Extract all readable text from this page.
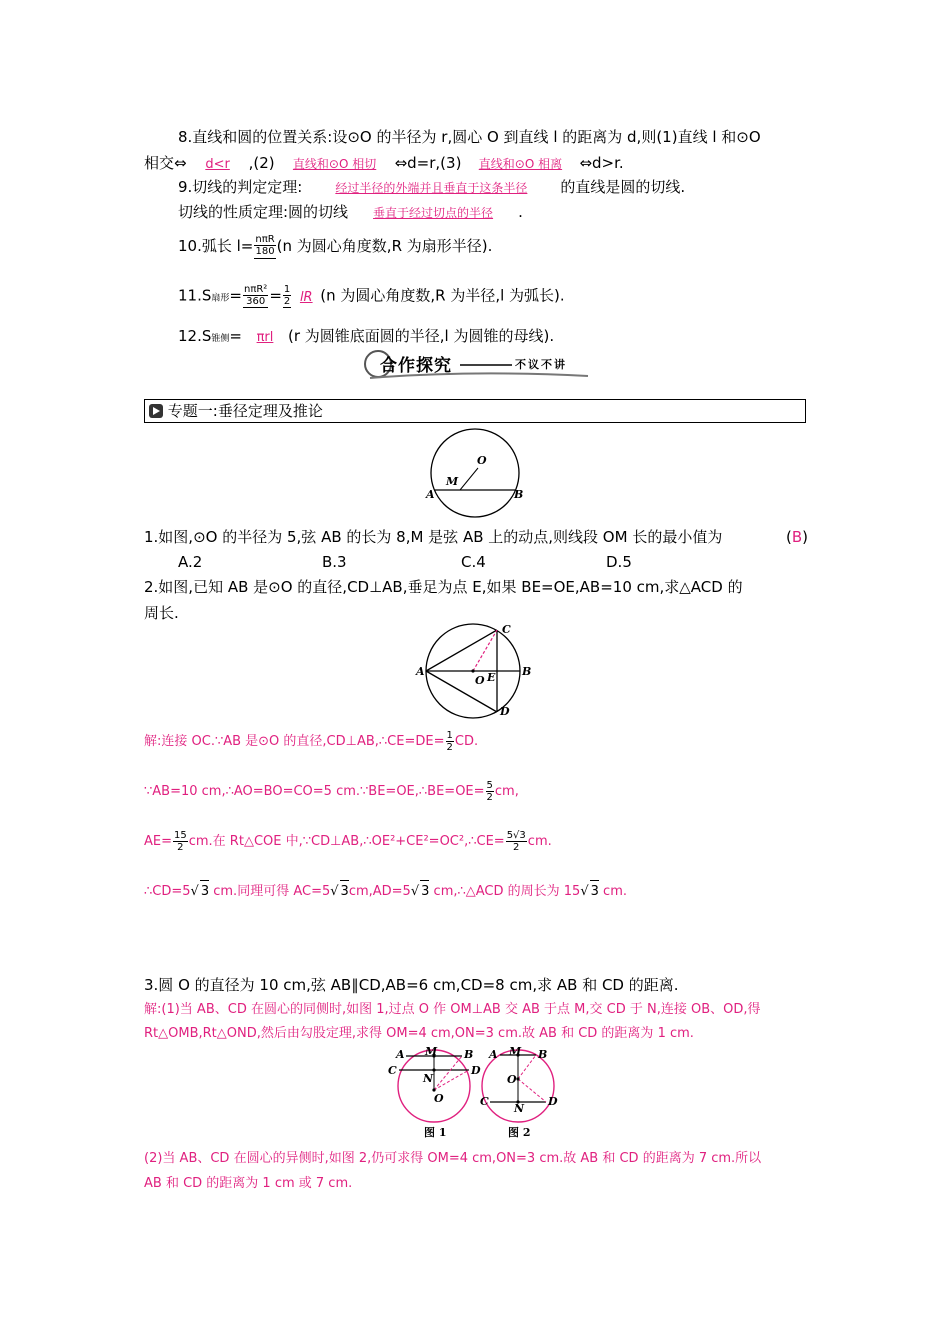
8.直线和圆的位置关系:设⊙O 的半径为 r,圆心 O 到直线 l 的距离为 d,则(1)直线 l 和⊙O
相交⇔ d<r ,(2) 直线和⊙O 相切 ⇔d=r,(3) 直线和⊙O 相离 ⇔d>r.
9.切线的判定定理:	经过半径的外端并且垂直于这条半径 的直线是圆的切线.
切线的性质定理:圆的切线 垂直于经过切点的半径 .
10.弧长 $l= \frac{\text{nπR}}{180} (n$ 为圆心角度数,R 为扇形半径).
11.S扇形= $\frac{\text{nπR²}}{360} = \frac{1}{2}$ lR (n 为圆心角度数,R 为半径,l 为弧长).
12.S锥侧= πrl (r 为圆锥底面圆的半径,l 为圆锥的母线).
合作探究	不议不讲
专题一:垂径定理及推论
O
M
A	B
1.如图,⊙O 的半径为 5,弦 AB 的长为 8,M 是弦 AB 上的动点,则线段 OM 长的最小值为	(B)
A.2	B.3	C.4	D.5
2.如图,已知 AB 是⊙O 的直径,CD⊥AB,垂足为点 E,如果 BE=OE,AB=10 cm,求△ACD 的
周长.
C
A	B
O E
D
解:连接 OC.∵AB 是⊙O 的直径,CD⊥AB,∴CE=DE= $\frac{1}{2}$ CD.
∵AB=10 cm,∴AO=BO=CO=5 cm.∵BE=OE,∴BE=OE= $\frac{5}{2}$ cm,
$AE= \frac{15}{2}$ cm.在 Rt△COE 中,∵CD⊥AB,∴OE²+CE²=OC²,∴CE= $\frac{5√3}{2}$ cm.
∴CD=5√ 3 cm.同理可得 AC=5√ 3cm,AD=5√ 3 cm,∴△ACD 的周长为 15√ 3 cm.
3.圆 O 的直径为 10 cm,弦 AB∥CD,AB=6 cm,CD=8 cm,求 AB 和 CD 的距离.
解:(1)当 AB、CD 在圆心的同侧时,如图 1,过点 O 作 OM⊥AB 交 AB 于点 M,交 CD 于 N,连接 OB、OD,得
Rt△OMB,Rt△OND,然后由勾股定理,求得 OM=4 cm,ON=3 cm.故 AB 和 CD 的距离为 1 cm.
A M B
C
N
D
O
图 1
A M B
O
C
N
D
图 2
(2)当 AB、CD 在圆心的异侧时,如图 2,仍可求得 OM=4 cm,ON=3 cm.故 AB 和 CD 的距离为 7 cm.所以
AB 和 CD 的距离为 1 cm 或 7 cm.
